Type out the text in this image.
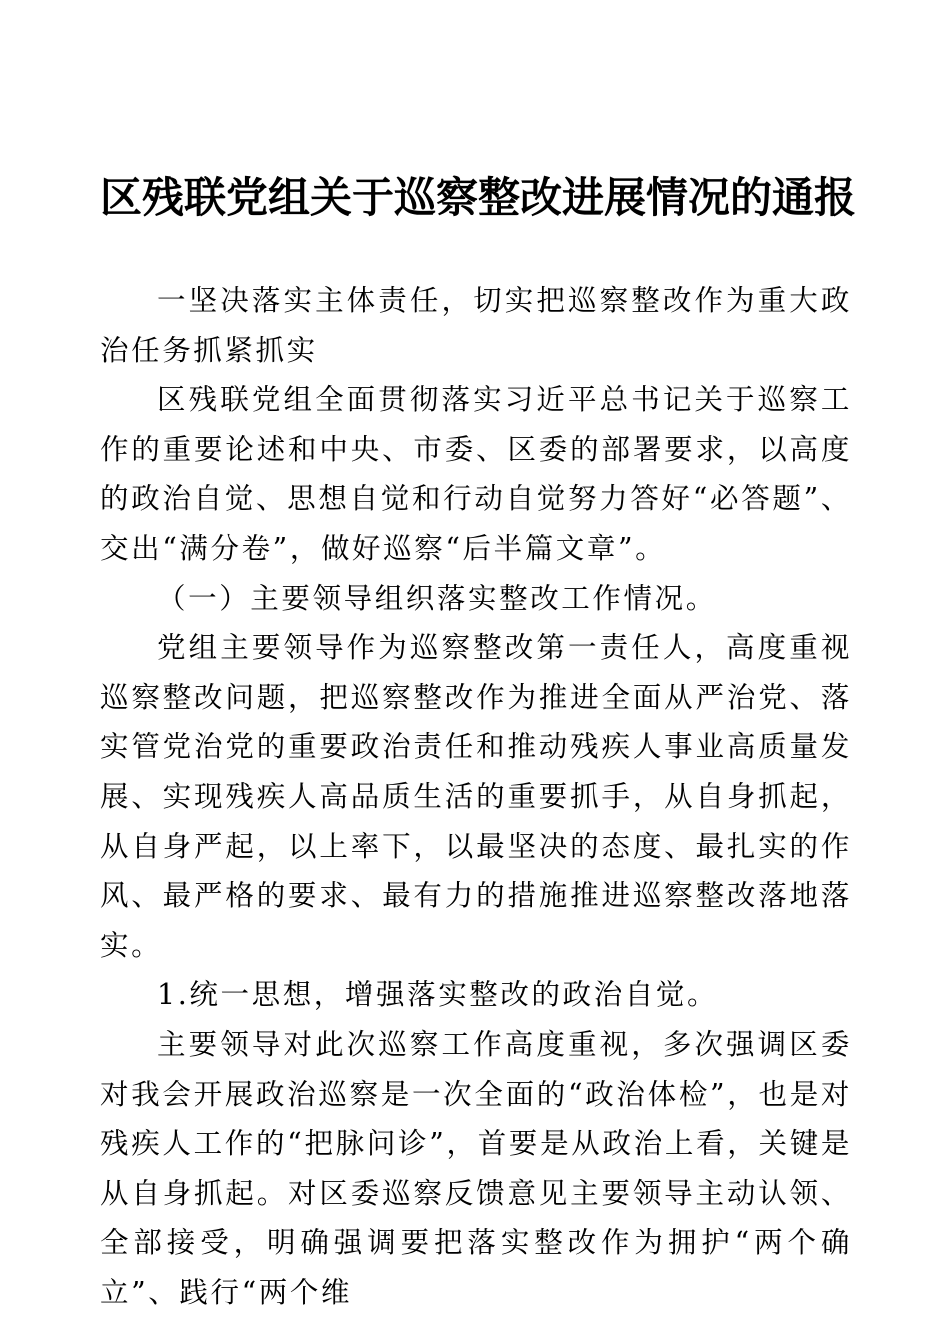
区残联党组关于巡察整改进展情况的通报

一坚决落实主体责任，切实把巡察整改作为重大政治任务抓紧抓实

区残联党组全面贯彻落实习近平总书记关于巡察工作的重要论述和中央、市委、区委的部署要求，以高度的政治自觉、思想自觉和行动自觉努力答好“必答题”、交出“满分卷”，做好巡察“后半篇文章”。

（一）主要领导组织落实整改工作情况。

党组主要领导作为巡察整改第一责任人，高度重视巡察整改问题，把巡察整改作为推进全面从严治党、落实管党治党的重要政治责任和推动残疾人事业高质量发展、实现残疾人高品质生活的重要抓手，从自身抓起，从自身严起，以上率下，以最坚决的态度、最扎实的作风、最严格的要求、最有力的措施推进巡察整改落地落实。

1.统一思想，增强落实整改的政治自觉。

主要领导对此次巡察工作高度重视，多次强调区委对我会开展政治巡察是一次全面的“政治体检”，也是对残疾人工作的“把脉问诊”，首要是从政治上看，关键是从自身抓起。对区委巡察反馈意见主要领导主动认领、全部接受，明确强调要把落实整改作为拥护“两个确立”、践行“两个维
